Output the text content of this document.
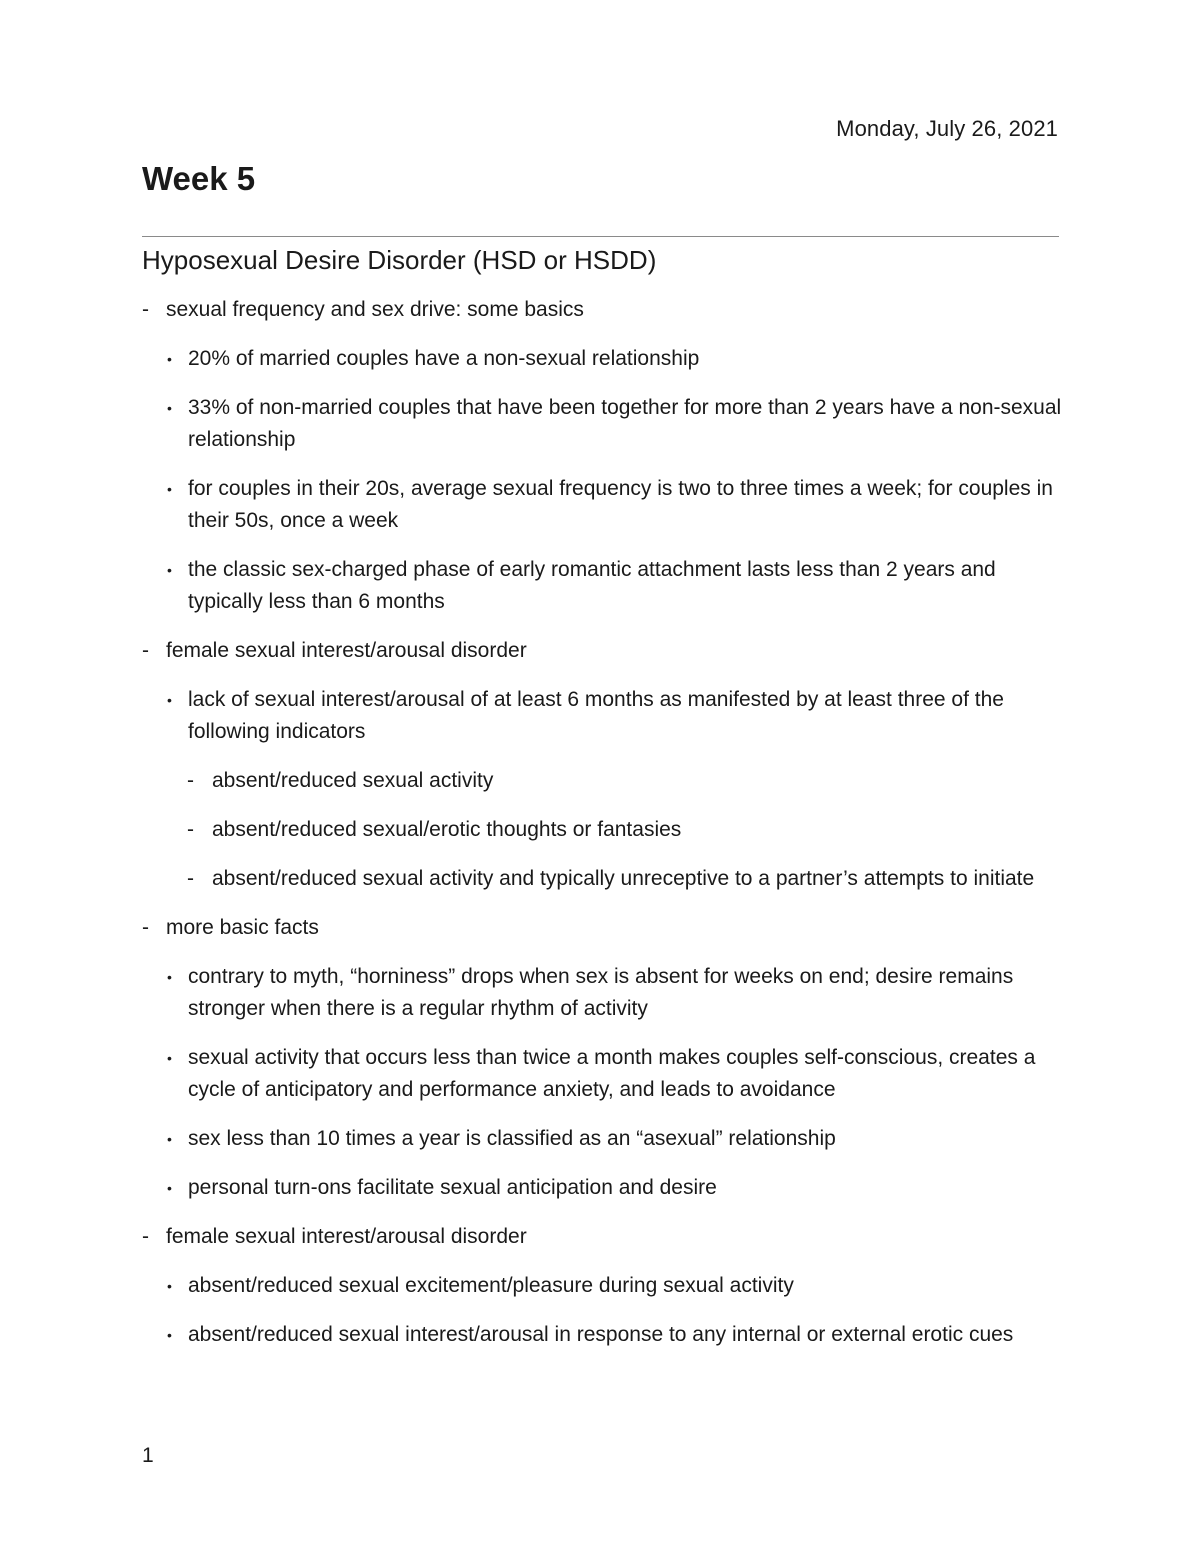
Monday, July 26, 2021
Week 5
Hyposexual Desire Disorder (HSD or HSDD)
- sexual frequency and sex drive: some basics
• 20% of married couples have a non-sexual relationship
• 33% of non-married couples that have been together for more than 2 years have a non-sexual relationship
• for couples in their 20s, average sexual frequency is two to three times a week; for couples in their 50s, once a week
• the classic sex-charged phase of early romantic attachment lasts less than 2 years and typically less than 6 months
- female sexual interest/arousal disorder
• lack of sexual interest/arousal of at least 6 months as manifested by at least three of the following indicators
- absent/reduced sexual activity
- absent/reduced sexual/erotic thoughts or fantasies
- absent/reduced sexual activity and typically unreceptive to a partner’s attempts to initiate
- more basic facts
• contrary to myth, “horniness” drops when sex is absent for weeks on end; desire remains stronger when there is a regular rhythm of activity
• sexual activity that occurs less than twice a month makes couples self-conscious, creates a cycle of anticipatory and performance anxiety, and leads to avoidance
• sex less than 10 times a year is classified as an “asexual” relationship
• personal turn-ons facilitate sexual anticipation and desire
- female sexual interest/arousal disorder
• absent/reduced sexual excitement/pleasure during sexual activity
• absent/reduced sexual interest/arousal in response to any internal or external erotic cues
1
